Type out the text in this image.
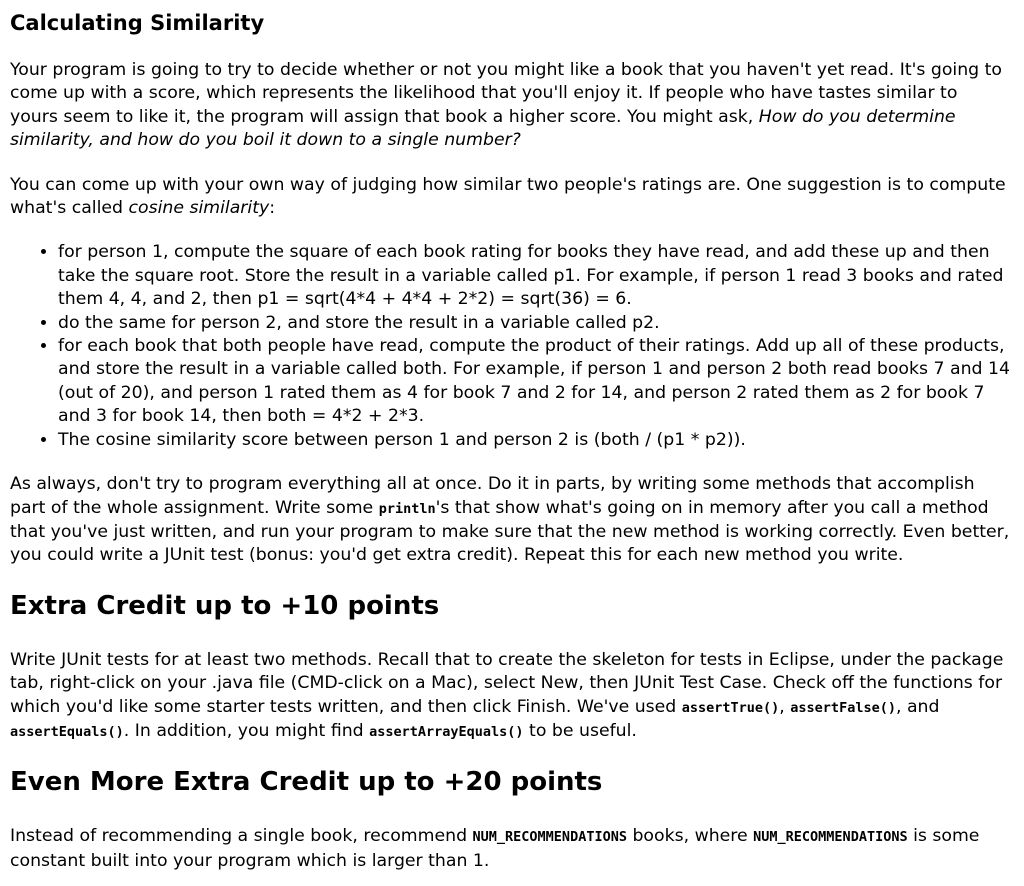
Calculating Similarity

Your program is going to try to decide whether or not you might like a book that you haven't yet read. It's going to come up with a score, which represents the likelihood that you'll enjoy it. If people who have tastes similar to yours seem to like it, the program will assign that book a higher score. You might ask, How do you determine similarity, and how do you boil it down to a single number?

You can come up with your own way of judging how similar two people's ratings are. One suggestion is to compute what's called cosine similarity:

• for person 1, compute the square of each book rating for books they have read, and add these up and then take the square root. Store the result in a variable called p1. For example, if person 1 read 3 books and rated them 4, 4, and 2, then p1 = sqrt(4*4 + 4*4 + 2*2) = sqrt(36) = 6.
• do the same for person 2, and store the result in a variable called p2.
• for each book that both people have read, compute the product of their ratings. Add up all of these products, and store the result in a variable called both. For example, if person 1 and person 2 both read books 7 and 14 (out of 20), and person 1 rated them as 4 for book 7 and 2 for 14, and person 2 rated them as 2 for book 7 and 3 for book 14, then both = 4*2 + 2*3.
• The cosine similarity score between person 1 and person 2 is (both / (p1 * p2)).

As always, don't try to program everything all at once. Do it in parts, by writing some methods that accomplish part of the whole assignment. Write some println's that show what's going on in memory after you call a method that you've just written, and run your program to make sure that the new method is working correctly. Even better, you could write a JUnit test (bonus: you'd get extra credit). Repeat this for each new method you write.

Extra Credit up to +10 points

Write JUnit tests for at least two methods. Recall that to create the skeleton for tests in Eclipse, under the package tab, right-click on your .java file (CMD-click on a Mac), select New, then JUnit Test Case. Check off the functions for which you'd like some starter tests written, and then click Finish. We've used assertTrue(), assertFalse(), and assertEquals(). In addition, you might find assertArrayEquals() to be useful.

Even More Extra Credit up to +20 points

Instead of recommending a single book, recommend NUM_RECOMMENDATIONS books, where NUM_RECOMMENDATIONS is some constant built into your program which is larger than 1.
